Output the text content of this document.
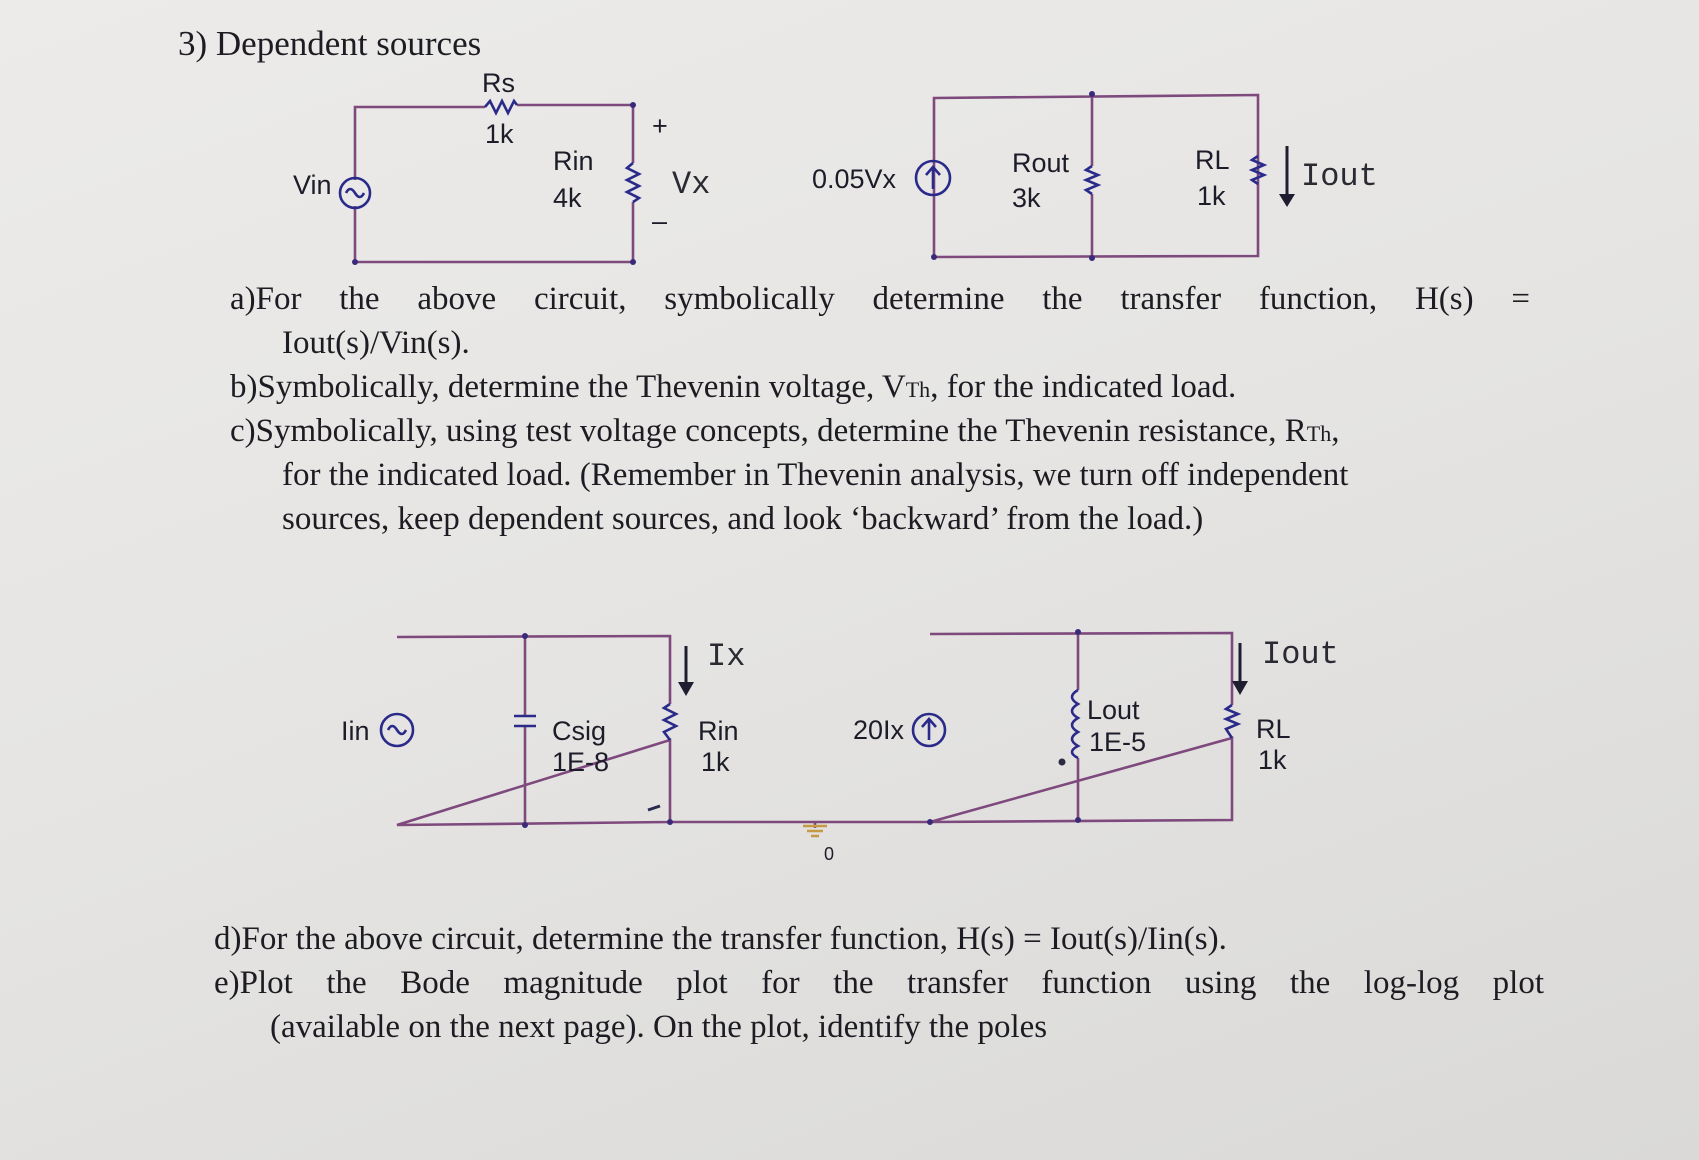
3) Dependent sources
Rs
1k
Vin
Rin
4k
+
Vx
–
0.05Vx
Rout
3k
RL
1k
Iout
Iin	Csig
1E-8
Ix
Rin
1k
20Ix
0
Lout
1E-5
Iout
RL
1k
a)For the above circuit, symbolically determine the transfer function, H(s) =
Iout(s)/Vin(s).
b)Symbolically, determine the Thevenin voltage, VTh, for the indicated load.
c)Symbolically, using test voltage concepts, determine the Thevenin resistance, RTh,
for the indicated load. (Remember in Thevenin analysis, we turn off independent
sources, keep dependent sources, and look ‘backward’ from the load.)
d)For the above circuit, determine the transfer function, H(s) = Iout(s)/Iin(s).
e)Plot the Bode magnitude plot for the transfer function using the log-log plot
(available on the next page). On the plot, identify the poles
